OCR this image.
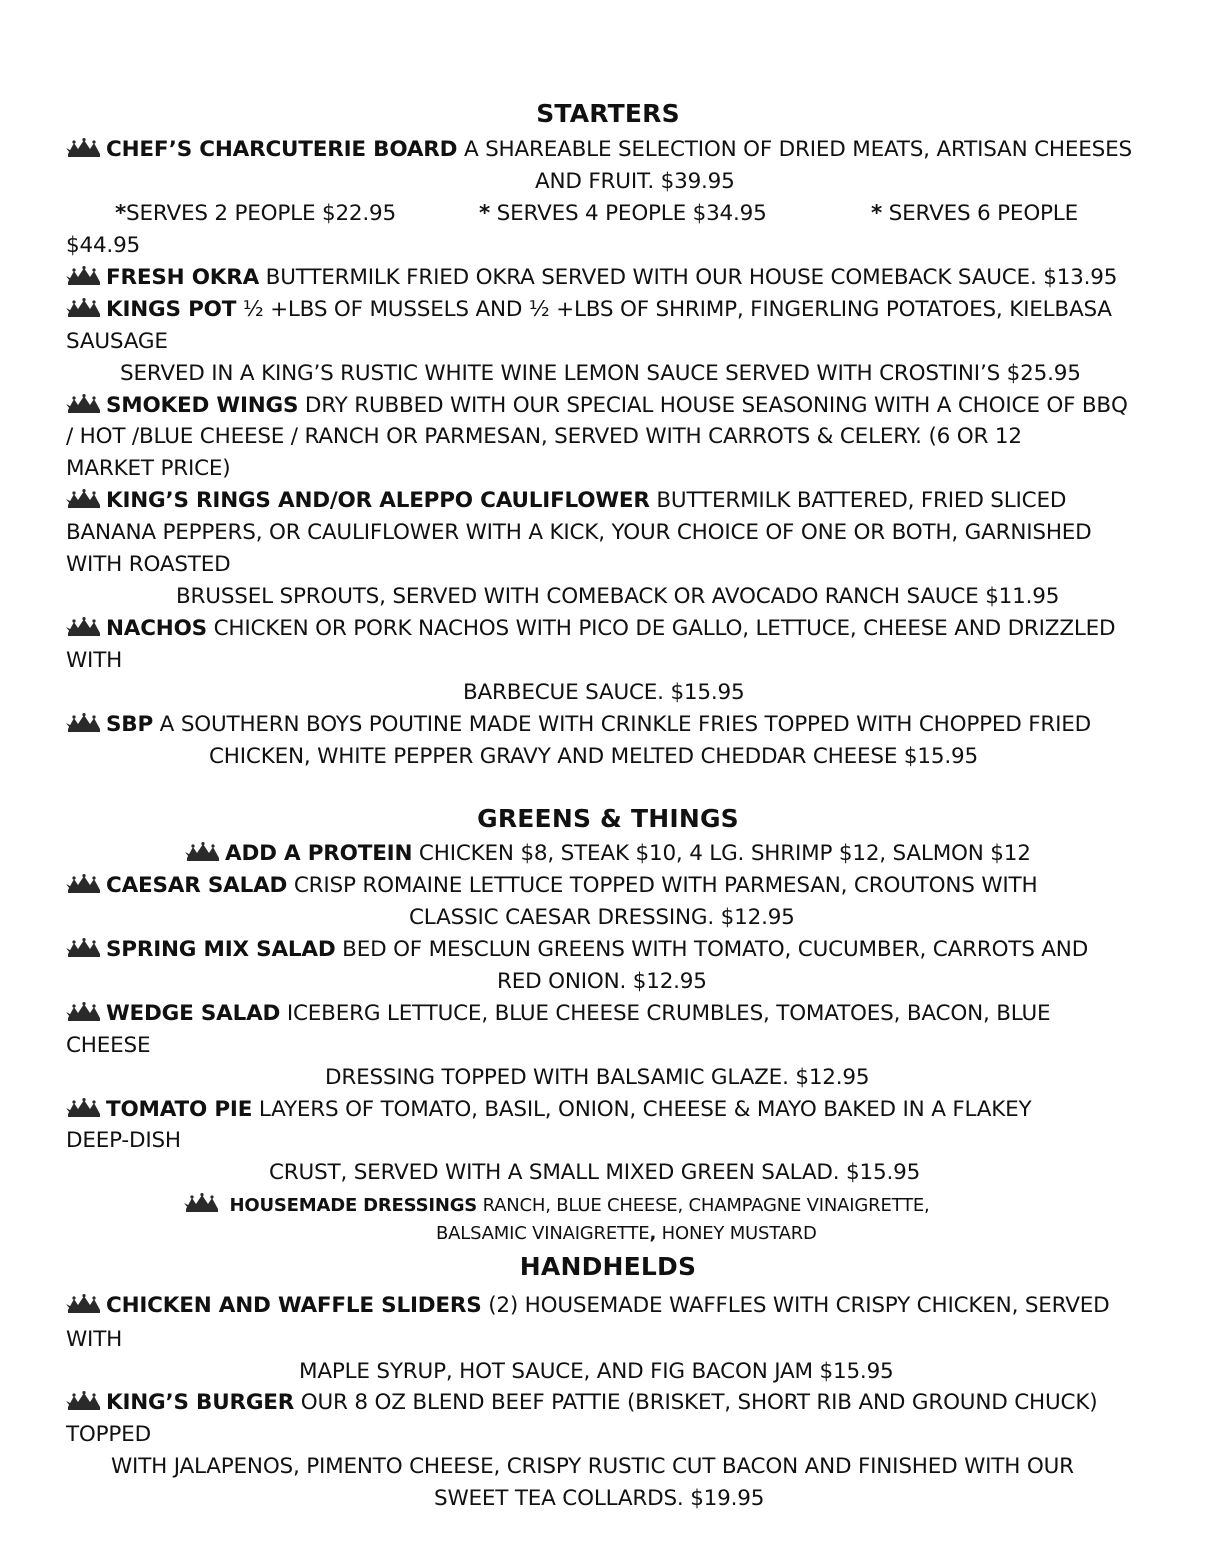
STARTERS
CHEF’S CHARCUTERIE BOARD A SHAREABLE SELECTION OF DRIED MEATS, ARTISAN CHEESES
AND FRUIT. $39.95
*SERVES 2 PEOPLE $22.95	* SERVES 4 PEOPLE $34.95	* SERVES 6 PEOPLE
$44.95
FRESH OKRA BUTTERMILK FRIED OKRA SERVED WITH OUR HOUSE COMEBACK SAUCE. $13.95
KINGS POT ½ +LBS OF MUSSELS AND ½ +LBS OF SHRIMP, FINGERLING POTATOES, KIELBASA
SAUSAGE
SERVED IN A KING’S RUSTIC WHITE WINE LEMON SAUCE SERVED WITH CROSTINI’S $25.95
SMOKED WINGS DRY RUBBED WITH OUR SPECIAL HOUSE SEASONING WITH A CHOICE OF BBQ
/ HOT /BLUE CHEESE / RANCH OR PARMESAN, SERVED WITH CARROTS & CELERY. (6 OR 12
MARKET PRICE)
KING’S RINGS AND/OR ALEPPO CAULIFLOWER BUTTERMILK BATTERED, FRIED SLICED
BANANA PEPPERS, OR CAULIFLOWER WITH A KICK, YOUR CHOICE OF ONE OR BOTH, GARNISHED
WITH ROASTED
BRUSSEL SPROUTS, SERVED WITH COMEBACK OR AVOCADO RANCH SAUCE $11.95
NACHOS CHICKEN OR PORK NACHOS WITH PICO DE GALLO, LETTUCE, CHEESE AND DRIZZLED
WITH
BARBECUE SAUCE. $15.95
SBP A SOUTHERN BOYS POUTINE MADE WITH CRINKLE FRIES TOPPED WITH CHOPPED FRIED
CHICKEN, WHITE PEPPER GRAVY AND MELTED CHEDDAR CHEESE $15.95
GREENS & THINGS
ADD A PROTEIN CHICKEN $8, STEAK $10, 4 LG. SHRIMP $12, SALMON $12
CAESAR SALAD CRISP ROMAINE LETTUCE TOPPED WITH PARMESAN, CROUTONS WITH
CLASSIC CAESAR DRESSING. $12.95
SPRING MIX SALAD BED OF MESCLUN GREENS WITH TOMATO, CUCUMBER, CARROTS AND
RED ONION. $12.95
WEDGE SALAD ICEBERG LETTUCE, BLUE CHEESE CRUMBLES, TOMATOES, BACON, BLUE
CHEESE
DRESSING TOPPED WITH BALSAMIC GLAZE. $12.95
TOMATO PIE LAYERS OF TOMATO, BASIL, ONION, CHEESE & MAYO BAKED IN A FLAKEY
DEEP-DISH
CRUST, SERVED WITH A SMALL MIXED GREEN SALAD. $15.95
HOUSEMADE DRESSINGS RANCH, BLUE CHEESE, CHAMPAGNE VINAIGRETTE,
BALSAMIC VINAIGRETTE, HONEY MUSTARD
HANDHELDS
CHICKEN AND WAFFLE SLIDERS (2) HOUSEMADE WAFFLES WITH CRISPY CHICKEN, SERVED
WITH
MAPLE SYRUP, HOT SAUCE, AND FIG BACON JAM $15.95
KING’S BURGER OUR 8 OZ BLEND BEEF PATTIE (BRISKET, SHORT RIB AND GROUND CHUCK)
TOPPED
WITH JALAPENOS, PIMENTO CHEESE, CRISPY RUSTIC CUT BACON AND FINISHED WITH OUR
SWEET TEA COLLARDS. $19.95
